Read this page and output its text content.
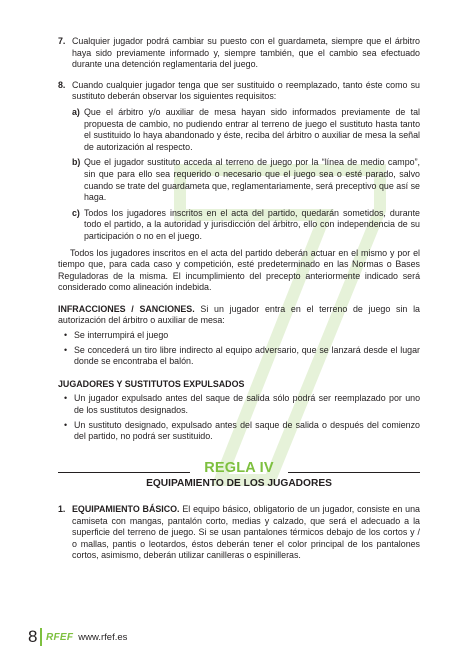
7. Cualquier jugador podrá cambiar su puesto con el guardameta, siempre que el árbitro haya sido previamente informado y, siempre también, que el cambio sea efectuado durante una detención reglamentaria del juego.

8. Cuando cualquier jugador tenga que ser sustituido o reemplazado, tanto éste como su sustituto deberán observar los siguientes requisitos:

a) Que el árbitro y/o auxiliar de mesa hayan sido informados previamente de tal propuesta de cambio, no pudiendo entrar al terreno de juego el sustituto hasta tanto el sustituido lo haya abandonado y éste, reciba del árbitro o auxiliar de mesa la señal de autorización al respecto.

b) Que el jugador sustituto acceda al terreno de juego por la “línea de medio campo”, sin que para ello sea requerido o necesario que el juego sea o esté parado, salvo cuando se trate del guardameta que, reglamentariamente, será preceptivo que así se haga.

c) Todos los jugadores inscritos en el acta del partido, quedarán sometidos, durante todo el partido, a la autoridad y jurisdicción del árbitro, ello con independencia de su participación o no en el juego.

Todos los jugadores inscritos en el acta del partido deberán actuar en el mismo y por el tiempo que, para cada caso y competición, esté predeterminado en las Normas o Bases Reguladoras de la misma. El incumplimiento del precepto anteriormente indicado será considerado como alineación indebida.

INFRACCIONES / SANCIONES. Si un jugador entra en el terreno de juego sin la autorización del árbitro o auxiliar de mesa:

• Se interrumpirá el juego

• Se concederá un tiro libre indirecto al equipo adversario, que se lanzará desde el lugar donde se encontraba el balón.

JUGADORES Y SUSTITUTOS EXPULSADOS

• Un jugador expulsado antes del saque de salida sólo podrá ser reemplazado por uno de los sustitutos designados.

• Un sustituto designado, expulsado antes del saque de salida o después del comienzo del partido, no podrá ser sustituido.

REGLA IV
EQUIPAMIENTO DE LOS JUGADORES
1. EQUIPAMIENTO BÁSICO. El equipo básico, obligatorio de un jugador, consiste en una camiseta con mangas, pantalón corto, medias y calzado, que será el adecuado a la superficie del terreno de juego. Si se usan pantalones térmicos debajo de los cortos y / o mallas, pantis o leotardos, éstos deberán tener el color principal de los pantalones cortos, asimismo, deberán utilizar canilleras o espinilleras.

8 RFEF www.rfef.es
